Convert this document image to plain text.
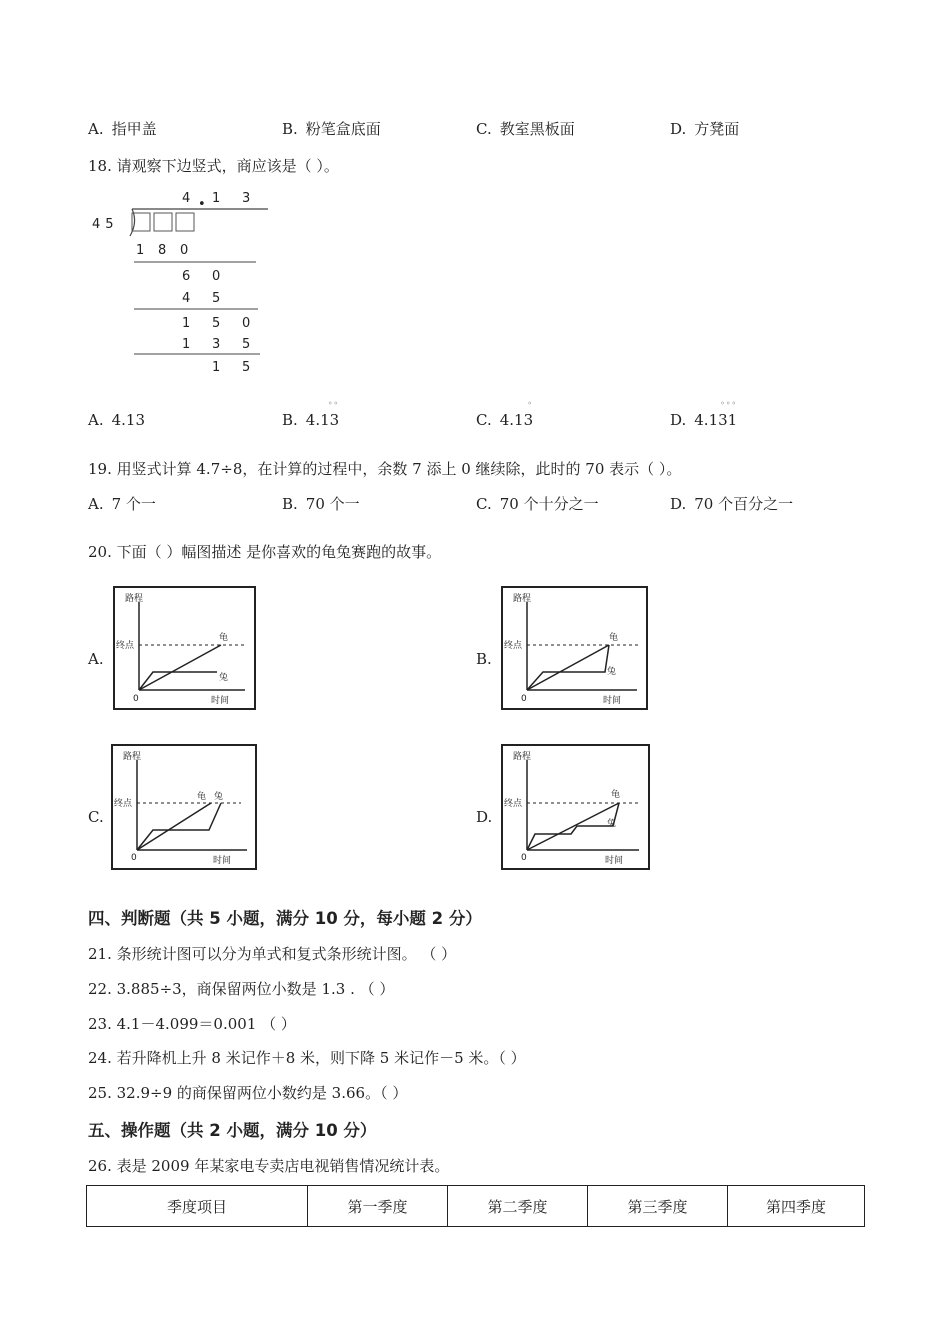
A. 指甲盖	B. 粉笔盒底面	C. 教室黑板面	D. 方凳面
18. 请观察下边竖式，商应该是（ ）。
4 • 1 3
45
1 8 0
6 0
4 5
1 5 0
1 3 5
1 5
A. 4.13	B. 4.13
◦◦
C. 4.13
◦
D. 4.131
◦◦◦
19. 用竖式计算 4.7÷8，在计算的过程中，余数 7 添上 0 继续除，此时的 70 表示（ ）。
A. 7 个一	B. 70 个一	C. 70 个十分之一	D. 70 个百分之一
20. 下面（ ）幅图描述 是你喜欢的龟兔赛跑的故事。
A.
路程
时间
0
终点
龟
兔
B.
路程
时间
0
终点
龟
兔
C.
路程
时间
0
终点
龟 兔
D.
路程
时间
0
终点
龟
兔
四、判断题（共 5 小题，满分 10 分，每小题 2 分）
21. 条形统计图可以分为单式和复式条形统计图。 （ ）
22. 3.885÷3，商保留两位小数是 1.3 . （ ）
23. 4.1－4.099＝0.001 （ ）
24. 若升降机上升 8 米记作＋8 米，则下降 5 米记作－5 米。（ ）
25. 32.9÷9 的商保留两位小数约是 3.66。（ ）
五、操作题（共 2 小题，满分 10 分）
26. 表是 2009 年某家电专卖店电视销售情况统计表。
季度项目	第一季度	第二季度	第三季度	第四季度
